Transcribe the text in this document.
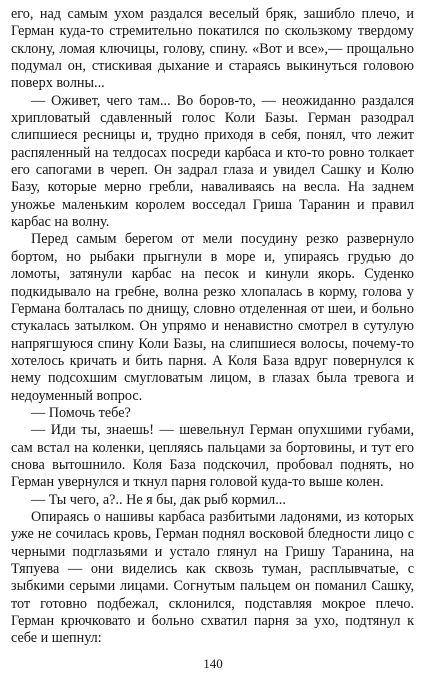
его, над самым ухом раздался веселый бряк, зашибло плечо, и Герман куда-то стремительно покатился по скользкому твердому склону, ломая ключицы, голову, спину. «Вот и все»,— прощально подумал он, стискивая дыхание и стараясь выкинуться головою поверх волны...

— Оживет, чего там... Во боров-то, — неожиданно раздался хрипловатый сдавленный голос Коли Базы. Герман разодрал слипшиеся ресницы и, трудно приходя в себя, понял, что лежит распяленный на телдосах посреди карбаса и кто-то ровно толкает его сапогами в череп. Он задрал глаза и увидел Сашку и Колю Базу, которые мерно гребли, наваливаясь на весла. На заднем уножье маленьким королем восседал Гриша Таранин и правил карбас на волну.

Перед самым берегом от мели посудину резко развернуло бортом, но рыбаки прыгнули в море и, упираясь грудью до ломоты, затянули карбас на песок и кинули якорь. Суденко подкидывало на гребне, волна резко хлопалась в корму, голова у Германа болталась по днищу, словно отделенная от шеи, и больно стукалась затылком. Он упрямо и ненавистно смотрел в сутулую напрягшуюся спину Коли Базы, на слипшиеся волосы, почему-то хотелось кричать и бить парня. А Коля База вдруг повернулся к нему подсохшим смугловатым лицом, в глазах была тревога и недоуменный вопрос.

— Помочь тебе?

— Иди ты, знаешь! — шевельнул Герман опухшими губами, сам встал на коленки, цепляясь пальцами за бортовины, и тут его снова вытошнило. Коля База подскочил, пробовал поднять, но Герман увернулся и ткнул парня головой куда-то выше колен.

— Ты чего, а?.. Не я бы, дак рыб кормил...

Опираясь о нашивы карбаса разбитыми ладонями, из которых уже не сочилась кровь, Герман поднял восковой бледности лицо с черными подглазьями и устало глянул на Гришу Таранина, на Тяпуева — они виделись как сквозь туман, расплывчатые, с зыбкими серыми лицами. Согнутым пальцем он поманил Сашку, тот готовно подбежал, склонился, подставляя мокрое плечо. Герман крючковато и больно схватил парня за ухо, подтянул к себе и шепнул:

140
